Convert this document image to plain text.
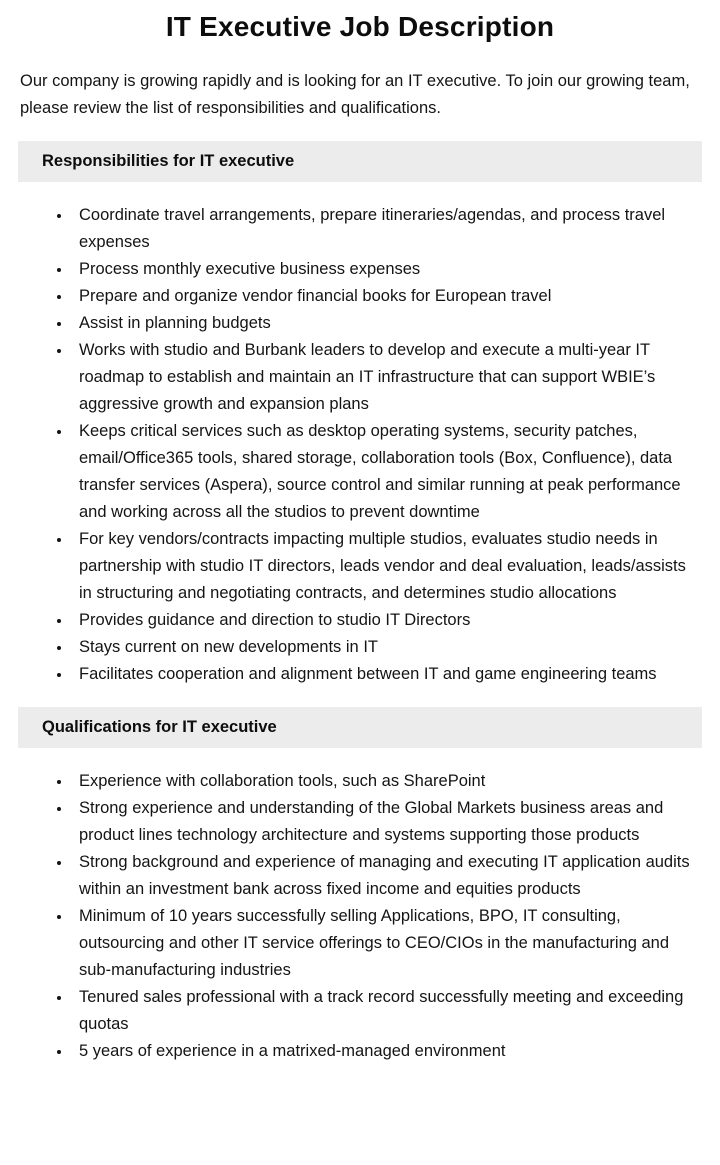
IT Executive Job Description

Our company is growing rapidly and is looking for an IT executive. To join our growing team, please review the list of responsibilities and qualifications.

Responsibilities for IT executive
• Coordinate travel arrangements, prepare itineraries/agendas, and process travel expenses
• Process monthly executive business expenses
• Prepare and organize vendor financial books for European travel
• Assist in planning budgets
• Works with studio and Burbank leaders to develop and execute a multi-year IT roadmap to establish and maintain an IT infrastructure that can support WBIE’s aggressive growth and expansion plans
• Keeps critical services such as desktop operating systems, security patches, email/Office365 tools, shared storage, collaboration tools (Box, Confluence), data transfer services (Aspera), source control and similar running at peak performance and working across all the studios to prevent downtime
• For key vendors/contracts impacting multiple studios, evaluates studio needs in partnership with studio IT directors, leads vendor and deal evaluation, leads/assists in structuring and negotiating contracts, and determines studio allocations
• Provides guidance and direction to studio IT Directors
• Stays current on new developments in IT
• Facilitates cooperation and alignment between IT and game engineering teams
Qualifications for IT executive
• Experience with collaboration tools, such as SharePoint
• Strong experience and understanding of the Global Markets business areas and product lines technology architecture and systems supporting those products
• Strong background and experience of managing and executing IT application audits within an investment bank across fixed income and equities products
• Minimum of 10 years successfully selling Applications, BPO, IT consulting, outsourcing and other IT service offerings to CEO/CIOs in the manufacturing and sub-manufacturing industries
• Tenured sales professional with a track record successfully meeting and exceeding quotas
• 5 years of experience in a matrixed-managed environment
